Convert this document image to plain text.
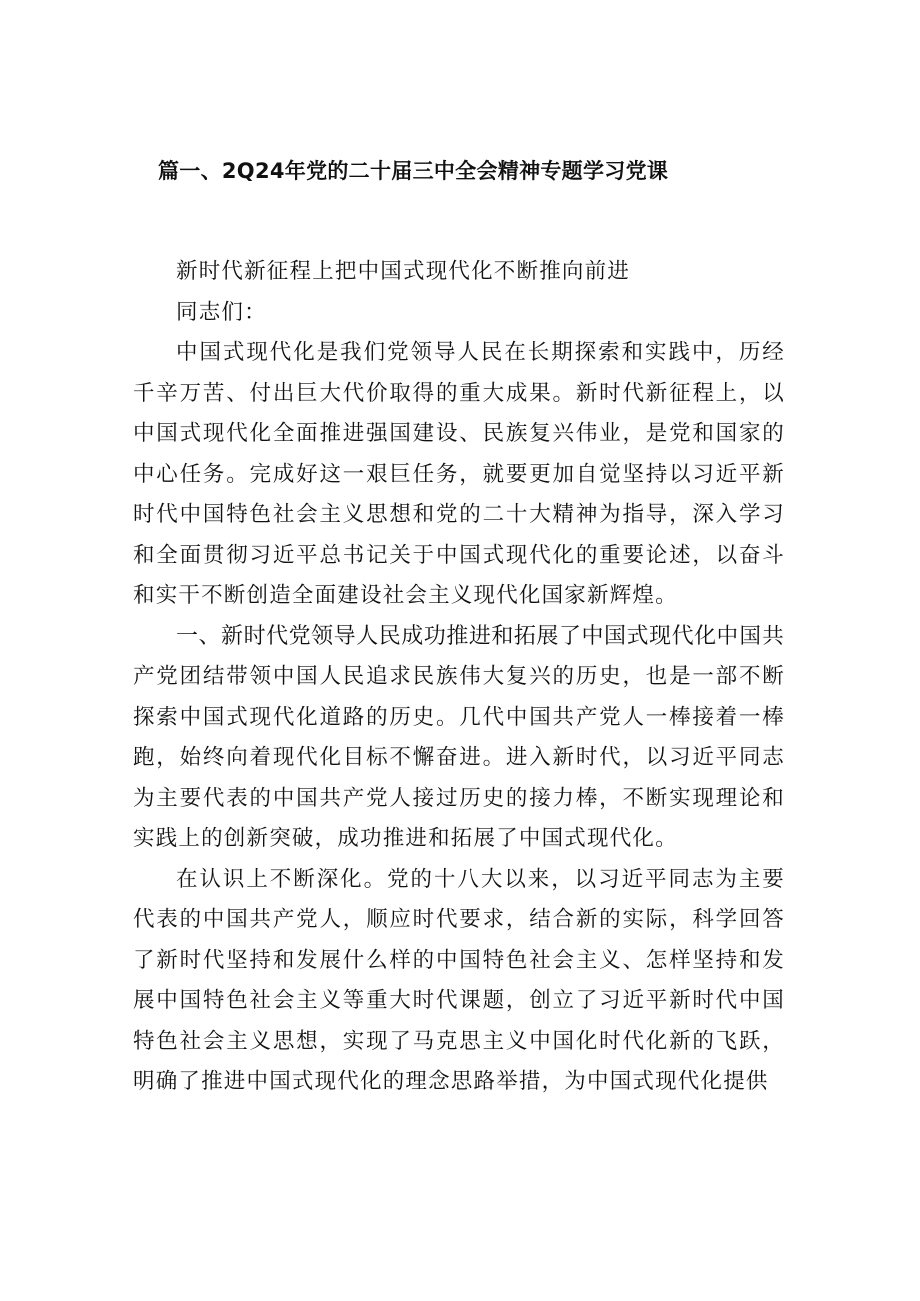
篇一、2Q24年党的二十届三中全会精神专题学习党课

新时代新征程上把中国式现代化不断推向前进

同志们：

中国式现代化是我们党领导人民在长期探索和实践中，历经千辛万苦、付出巨大代价取得的重大成果。新时代新征程上，以中国式现代化全面推进强国建设、民族复兴伟业，是党和国家的中心任务。完成好这一艰巨任务，就要更加自觉坚持以习近平新时代中国特色社会主义思想和党的二十大精神为指导，深入学习和全面贯彻习近平总书记关于中国式现代化的重要论述，以奋斗和实干不断创造全面建设社会主义现代化国家新辉煌。

一、新时代党领导人民成功推进和拓展了中国式现代化中国共产党团结带领中国人民追求民族伟大复兴的历史，也是一部不断探索中国式现代化道路的历史。几代中国共产党人一棒接着一棒跑，始终向着现代化目标不懈奋进。进入新时代，以习近平同志为主要代表的中国共产党人接过历史的接力棒，不断实现理论和实践上的创新突破，成功推进和拓展了中国式现代化。

在认识上不断深化。党的十八大以来，以习近平同志为主要代表的中国共产党人，顺应时代要求，结合新的实际，科学回答了新时代坚持和发展什么样的中国特色社会主义、怎样坚持和发展中国特色社会主义等重大时代课题，创立了习近平新时代中国特色社会主义思想，实现了马克思主义中国化时代化新的飞跃，明确了推进中国式现代化的理念思路举措，为中国式现代化提供
